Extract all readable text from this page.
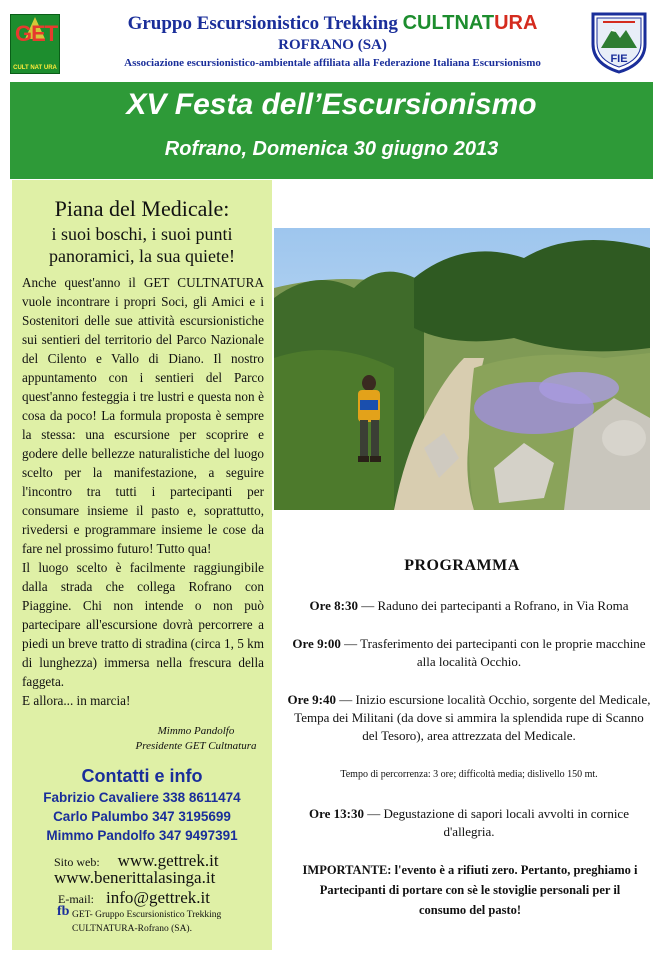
GET
CULT NAT URA
Gruppo Escursionistico Trekking CULTNATURA
ROFRANO (SA)
Associazione escursionistico-ambientale affiliata alla Federazione Italiana Escursionismo	FIE
XV Festa dell’Escursionismo
Rofrano, Domenica 30 giugno 2013
Piana del Medicale:
i suoi boschi, i suoi punti
panoramici, la sua quiete!

Anche quest'anno il GET CULTNATURA vuole incontrare i propri Soci, gli Amici e i Sostenitori delle sue attività escursionistiche sui sentieri del territorio del Parco Nazionale del Cilento e Vallo di Diano. Il nostro appuntamento con i sentieri del Parco quest'anno festeggia i tre lustri e questa non è cosa da poco! La formula proposta è sempre la stessa: una escursione per scoprire e godere delle bellezze naturalistiche del luogo scelto per la manifestazione, a seguire l'incontro tra tutti i partecipanti per consumare insieme il pasto e, soprattutto, rivedersi e programmare insieme le cose da fare nel prossimo futuro! Tutto qua!

Il luogo scelto è facilmente raggiungibile dalla strada che collega Rofrano con Piaggine. Chi non intende o non può partecipare all'escursione dovrà percorrere a piedi un breve tratto di stradina (circa 1, 5 km di lunghezza) immersa nella frescura della faggeta.

E allora... in marcia!

Mimmo Pandolfo
Presidente GET Cultnatura
Contatti e info
Fabrizio Cavaliere 338 8611474
Carlo Palumbo 347 3195699
Mimmo Pandolfo 347 9497391
Sito web: www.gettrek.it
www.benerittalasinga.it
E-mail: info@gettrek.it
fb GET- Gruppo Escursionistico Trekking
CULTNATURA-Rofrano (SA).
PROGRAMMA
Ore 8:30 — Raduno dei partecipanti a Rofrano, in Via Roma
Ore 9:00 — Trasferimento dei partecipanti con le proprie macchine alla località Occhio.
Ore 9:40 — Inizio escursione località Occhio, sorgente del Medicale, Tempa dei Militani (da dove si ammira la splendida rupe di Scanno del Tesoro), area attrezzata del Medicale.
Tempo di percorrenza: 3 ore; difficoltà media; dislivello 150 mt.
Ore 13:30 — Degustazione di sapori locali avvolti in cornice d'allegria.
IMPORTANTE: l'evento è a rifiuti zero. Pertanto, preghiamo i Partecipanti di portare con sè le stoviglie personali per il consumo del pasto!
